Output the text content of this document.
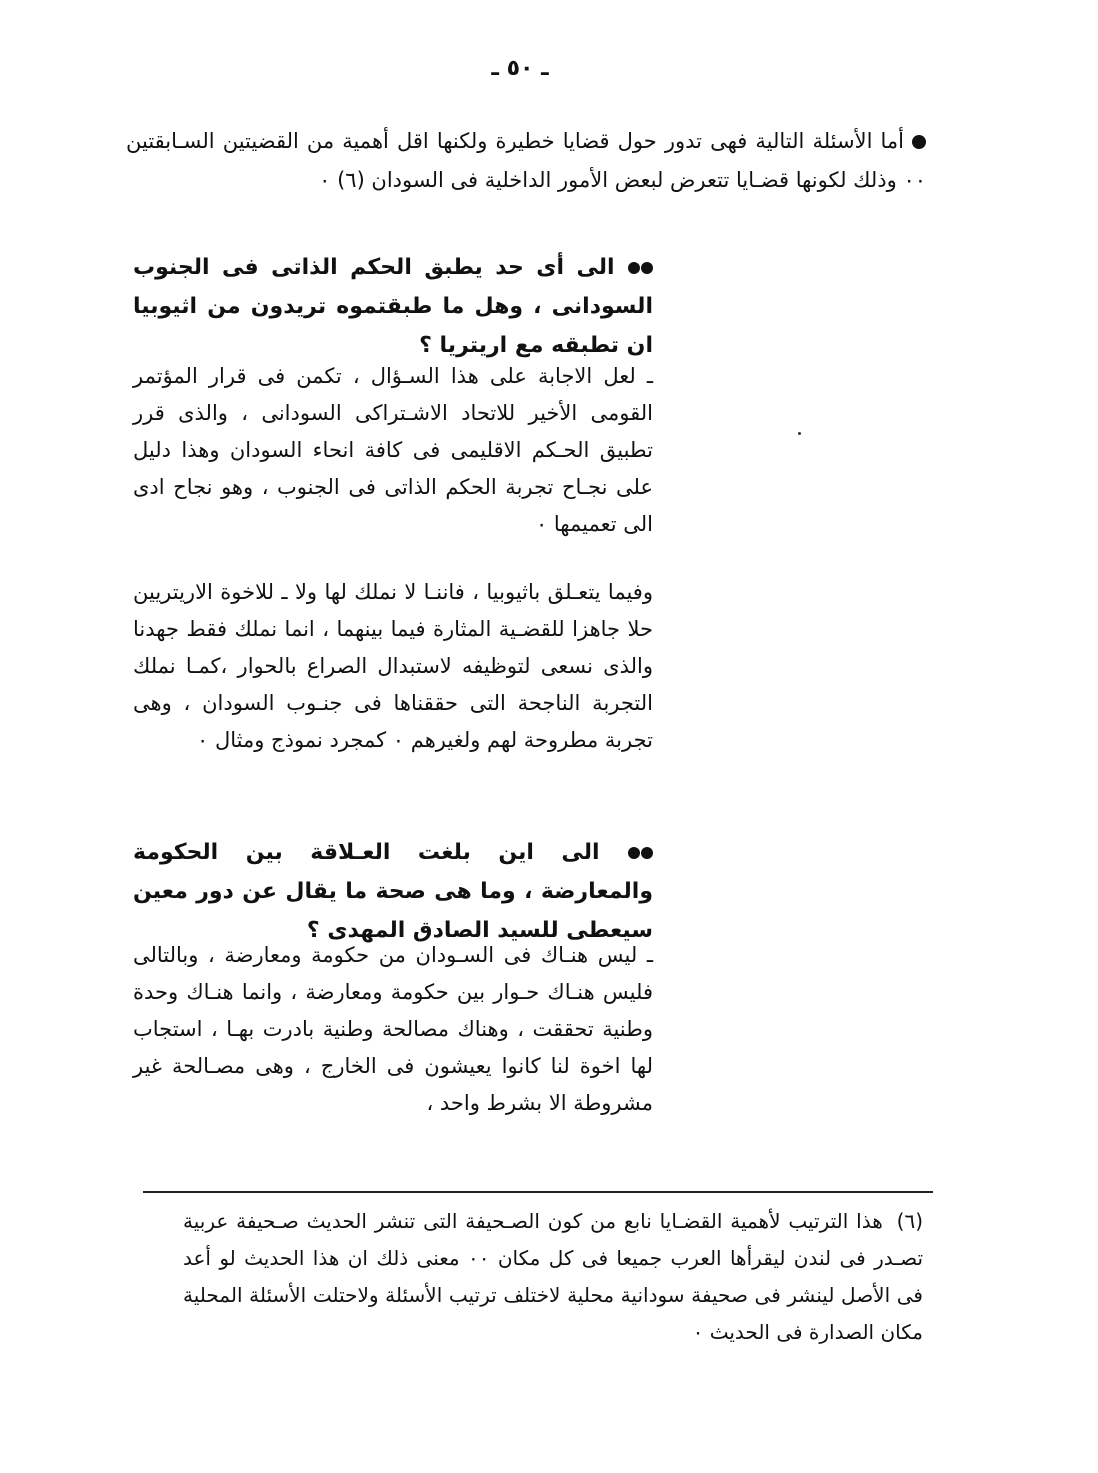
ـ ٥٠ ـ
أما الأسئلة التالية فهى تدور حول قضايا خطيرة ولكنها اقل أهمية من القضيتين السـابقتين ٠٠ وذلك لكونها قضـايا تتعرض لبعض الأمور الداخلية فى السودان (٦) ٠

الى أى حد يطبق الحكم الذاتى فى الجنوب السودانى ، وهل ما طبقتموه تريدون من اثيوبيا ان تطبقه مع اريتريا ؟

ـ لعل الاجابة على هذا السـؤال ، تكمن فى قرار المؤتمر القومى الأخير للاتحاد الاشـتراكى السودانى ، والذى قرر تطبيق الحـكم الاقليمى فى كافة انحاء السودان وهذا دليل على نجـاح تجربة الحكم الذاتى فى الجنوب ، وهو نجاح ادى الى تعميمها ٠

وفيما يتعـلق باثيوبيا ، فاننـا لا نملك لها ولا ـ للاخوة الاريتريين حلا جاهزا للقضـية المثارة فيما بينهما ، انما نملك فقط جهدنا والذى نسعى لتوظيفه لاستبدال الصراع بالحوار ،كمـا نملك التجربة الناجحة التى حققناها فى جنـوب السودان ، وهى تجربة مطروحة لهم ولغيرهم ٠ كمجرد نموذج ومثال ٠

الى اين بلغت العـلاقة بين الحكومة والمعارضة ، وما هى صحة ما يقال عن دور معين سيعطى للسيد الصادق المهدى ؟

ـ ليس هنـاك فى السـودان من حكومة ومعارضة ، وبالتالى فليس هنـاك حـوار بين حكومة ومعارضة ، وانما هنـاك وحدة وطنية تحققت ، وهناك مصالحة وطنية بادرت بهـا ، استجاب لها اخوة لنا كانوا يعيشون فى الخارج ، وهى مصـالحة غير مشروطة الا بشرط واحد ،

(٦) هذا الترتيب لأهمية القضـايا نابع من كون الصـحيفة التى تنشر الحديث صـحيفة عربية تصـدر فى لندن ليقرأها العرب جميعا فى كل مكان ٠٠ معنى ذلك ان هذا الحديث لو أعد فى الأصل لينشر فى صحيفة سودانية محلية لاختلف ترتيب الأسئلة ولاحتلت الأسئلة المحلية مكان الصدارة فى الحديث ٠
